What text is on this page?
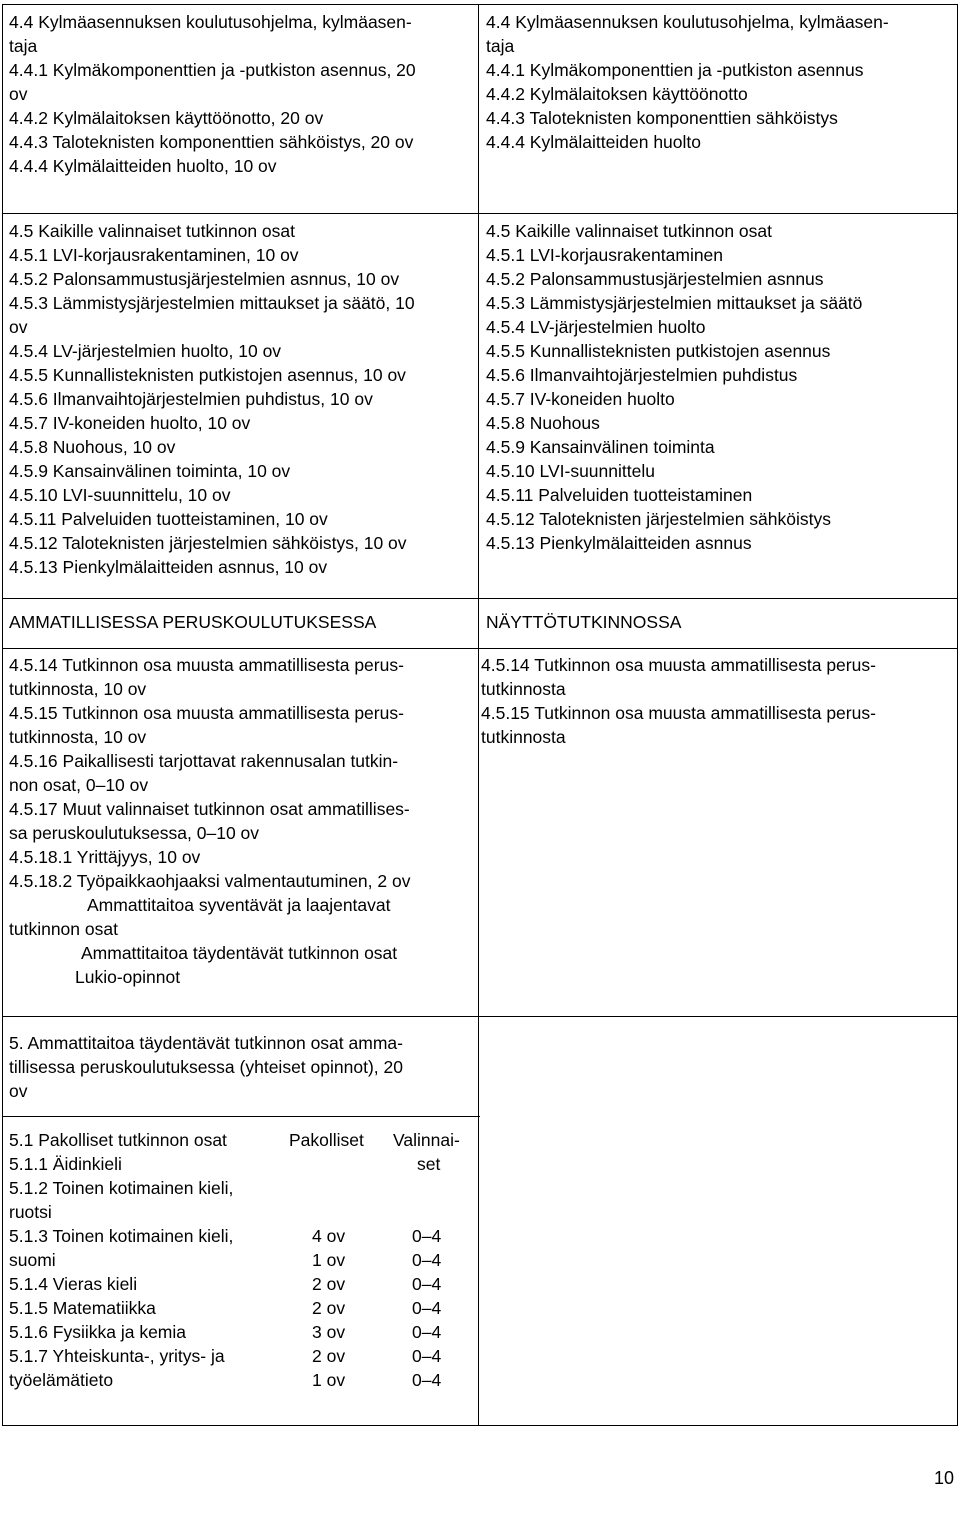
4.4 Kylmäasennuksen koulutusohjelma, kylmäasen-
taja
4.4.1 Kylmäkomponenttien ja -putkiston asennus, 20
ov
4.4.2 Kylmälaitoksen käyttöönotto, 20 ov
4.4.3 Taloteknisten komponenttien sähköistys, 20 ov
4.4.4 Kylmälaitteiden huolto, 10 ov
4.5 Kaikille valinnaiset tutkinnon osat
4.5.1 LVI-korjausrakentaminen, 10 ov
4.5.2 Palonsammustusjärjestelmien asnnus, 10 ov
4.5.3 Lämmistysjärjestelmien mittaukset ja säätö, 10
ov
4.5.4 LV-järjestelmien huolto, 10 ov
4.5.5 Kunnallisteknisten putkistojen asennus, 10 ov
4.5.6 Ilmanvaihtojärjestelmien puhdistus, 10 ov
4.5.7 IV-koneiden huolto, 10 ov
4.5.8 Nuohous, 10 ov
4.5.9 Kansainvälinen toiminta, 10 ov
4.5.10 LVI-suunnittelu, 10 ov
4.5.11 Palveluiden tuotteistaminen, 10 ov
4.5.12 Taloteknisten järjestelmien sähköistys, 10 ov
4.5.13 Pienkylmälaitteiden asnnus, 10 ov
AMMATILLISESSA PERUSKOULUTUKSESSA
4.5.14 Tutkinnon osa muusta ammatillisesta perus-
tutkinnosta, 10 ov
4.5.15 Tutkinnon osa muusta ammatillisesta perus-
tutkinnosta, 10 ov
4.5.16 Paikallisesti tarjottavat rakennusalan tutkin-
non osat, 0–10 ov
4.5.17 Muut valinnaiset tutkinnon osat ammatillises-
sa peruskoulutuksessa, 0–10 ov
4.5.18.1 Yrittäjyys, 10 ov
4.5.18.2 Työpaikkaohjaaksi valmentautuminen, 2 ov
Ammattitaitoa syventävät ja laajentavat
tutkinnon osat
Ammattitaitoa täydentävät tutkinnon osat
Lukio-opinnot
5. Ammattitaitoa täydentävät tutkinnon osat amma-
tillisessa peruskoulutuksessa (yhteiset opinnot), 20
ov
5.1 Pakolliset tutkinnon osat
5.1.1 Äidinkieli
5.1.2 Toinen kotimainen kieli,
ruotsi
5.1.3 Toinen kotimainen kieli,
suomi
5.1.4 Vieras kieli
5.1.5 Matematiikka
5.1.6 Fysiikka ja kemia
5.1.7 Yhteiskunta-, yritys- ja
työelämätieto
Pakolliset
4 ov
1 ov
2 ov
2 ov
3 ov
2 ov
1 ov
Valinnai-
set
0–4
0–4
0–4
0–4
0–4
0–4
0–4
4.4 Kylmäasennuksen koulutusohjelma, kylmäasen-
taja
4.4.1 Kylmäkomponenttien ja -putkiston asennus
4.4.2 Kylmälaitoksen käyttöönotto
4.4.3 Taloteknisten komponenttien sähköistys
4.4.4 Kylmälaitteiden huolto
4.5 Kaikille valinnaiset tutkinnon osat
4.5.1 LVI-korjausrakentaminen
4.5.2 Palonsammustusjärjestelmien asnnus
4.5.3 Lämmistysjärjestelmien mittaukset ja säätö
4.5.4 LV-järjestelmien huolto
4.5.5 Kunnallisteknisten putkistojen asennus
4.5.6 Ilmanvaihtojärjestelmien puhdistus
4.5.7 IV-koneiden huolto
4.5.8 Nuohous
4.5.9 Kansainvälinen toiminta
4.5.10 LVI-suunnittelu
4.5.11 Palveluiden tuotteistaminen
4.5.12 Taloteknisten järjestelmien sähköistys
4.5.13 Pienkylmälaitteiden asnnus
NÄYTTÖTUTKINNOSSA
4.5.14 Tutkinnon osa muusta ammatillisesta perus-
tutkinnosta
4.5.15 Tutkinnon osa muusta ammatillisesta perus-
tutkinnosta
10
